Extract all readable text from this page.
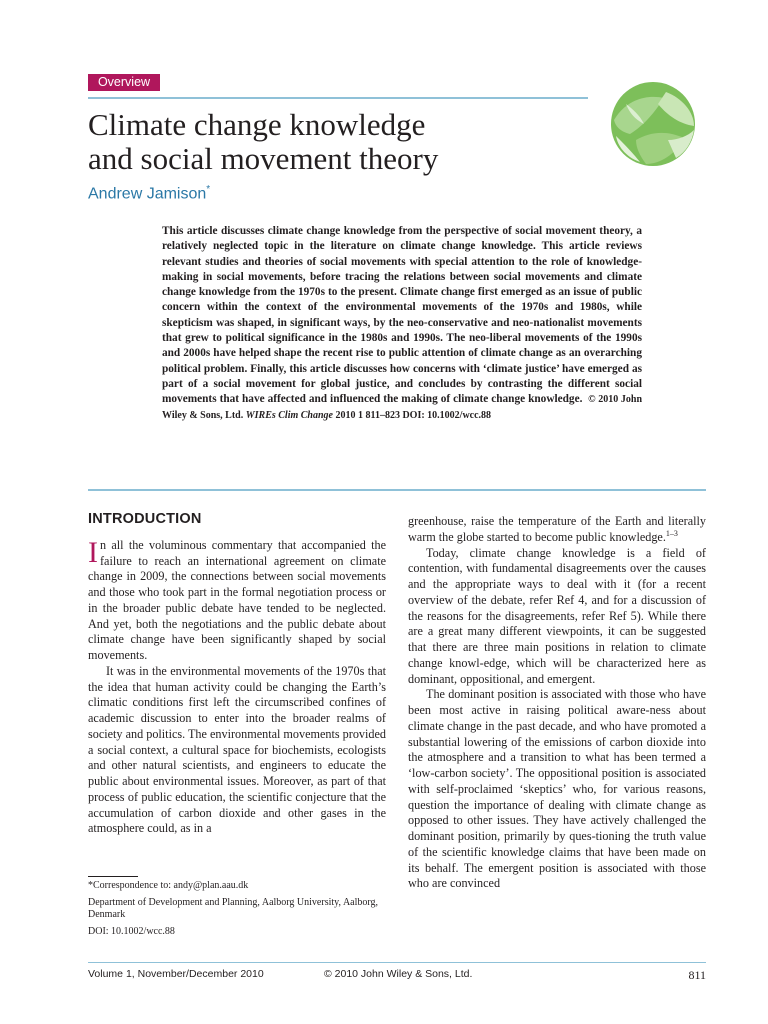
Overview
Climate change knowledge
and social movement theory
Andrew Jamison*
This article discusses climate change knowledge from the perspective of social movement theory, a relatively neglected topic in the literature on climate change knowledge. This article reviews relevant studies and theories of social movements with special attention to the role of knowledge-making in social movements, before tracing the relations between social movements and climate change knowledge from the 1970s to the present. Climate change first emerged as an issue of public concern within the context of the environmental movements of the 1970s and 1980s, while skepticism was shaped, in significant ways, by the neo-conservative and neo-nationalist movements that grew to political significance in the 1980s and 1990s. The neo-liberal movements of the 1990s and 2000s have helped shape the recent rise to public attention of climate change as an overarching political problem. Finally, this article discusses how concerns with ‘climate justice’ have emerged as part of a social movement for global justice, and concludes by contrasting the different social movements that have affected and influenced the making of climate change knowledge. © 2010 John Wiley & Sons, Ltd. WIREs Clim Change 2010 1 811–823 DOI: 10.1002/wcc.88
INTRODUCTION

In all the voluminous commentary that accompanied the failure to reach an international agreement on climate change in 2009, the connections between social movements and those who took part in the formal negotiation process or in the broader public debate have tended to be neglected. And yet, both the negotiations and the public debate about climate change have been significantly shaped by social movements.

It was in the environmental movements of the 1970s that the idea that human activity could be changing the Earth’s climatic conditions first left the circumscribed confines of academic discussion to enter into the broader realms of society and politics. The environmental movements provided a social context, a cultural space for biochemists, ecologists and other natural scientists, and engineers to educate the public about environmental issues. Moreover, as part of that process of public education, the scientific conjecture that the accumulation of carbon dioxide and other gases in the atmosphere could, as in a

greenhouse, raise the temperature of the Earth and literally warm the globe started to become public knowledge.$^{1-3}$

Today, climate change knowledge is a field of contention, with fundamental disagreements over the causes and the appropriate ways to deal with it (for a recent overview of the debate, refer Ref 4, and for a discussion of the reasons for the disagreements, refer Ref 5). While there are a great many different viewpoints, it can be suggested that there are three main positions in relation to climate change knowl-edge, which will be characterized here as dominant, oppositional, and emergent.

The dominant position is associated with those who have been most active in raising political aware-ness about climate change in the past decade, and who have promoted a substantial lowering of the emissions of carbon dioxide into the atmosphere and a transition to what has been termed a ‘low-carbon society’. The oppositional position is associated with self-proclaimed ‘skeptics’ who, for various reasons, question the importance of dealing with climate change as opposed to other issues. They have actively challenged the dominant position, primarily by ques-tioning the truth value of the scientific knowledge claims that have been made on its behalf. The emergent position is associated with those who are convinced

*Correspondence to: andy@plan.aau.dk

Department of Development and Planning, Aalborg University, Aalborg, Denmark

DOI: 10.1002/wcc.88

Volume 1, November/December 2010	© 2010 John Wiley & Sons, Ltd.	811
